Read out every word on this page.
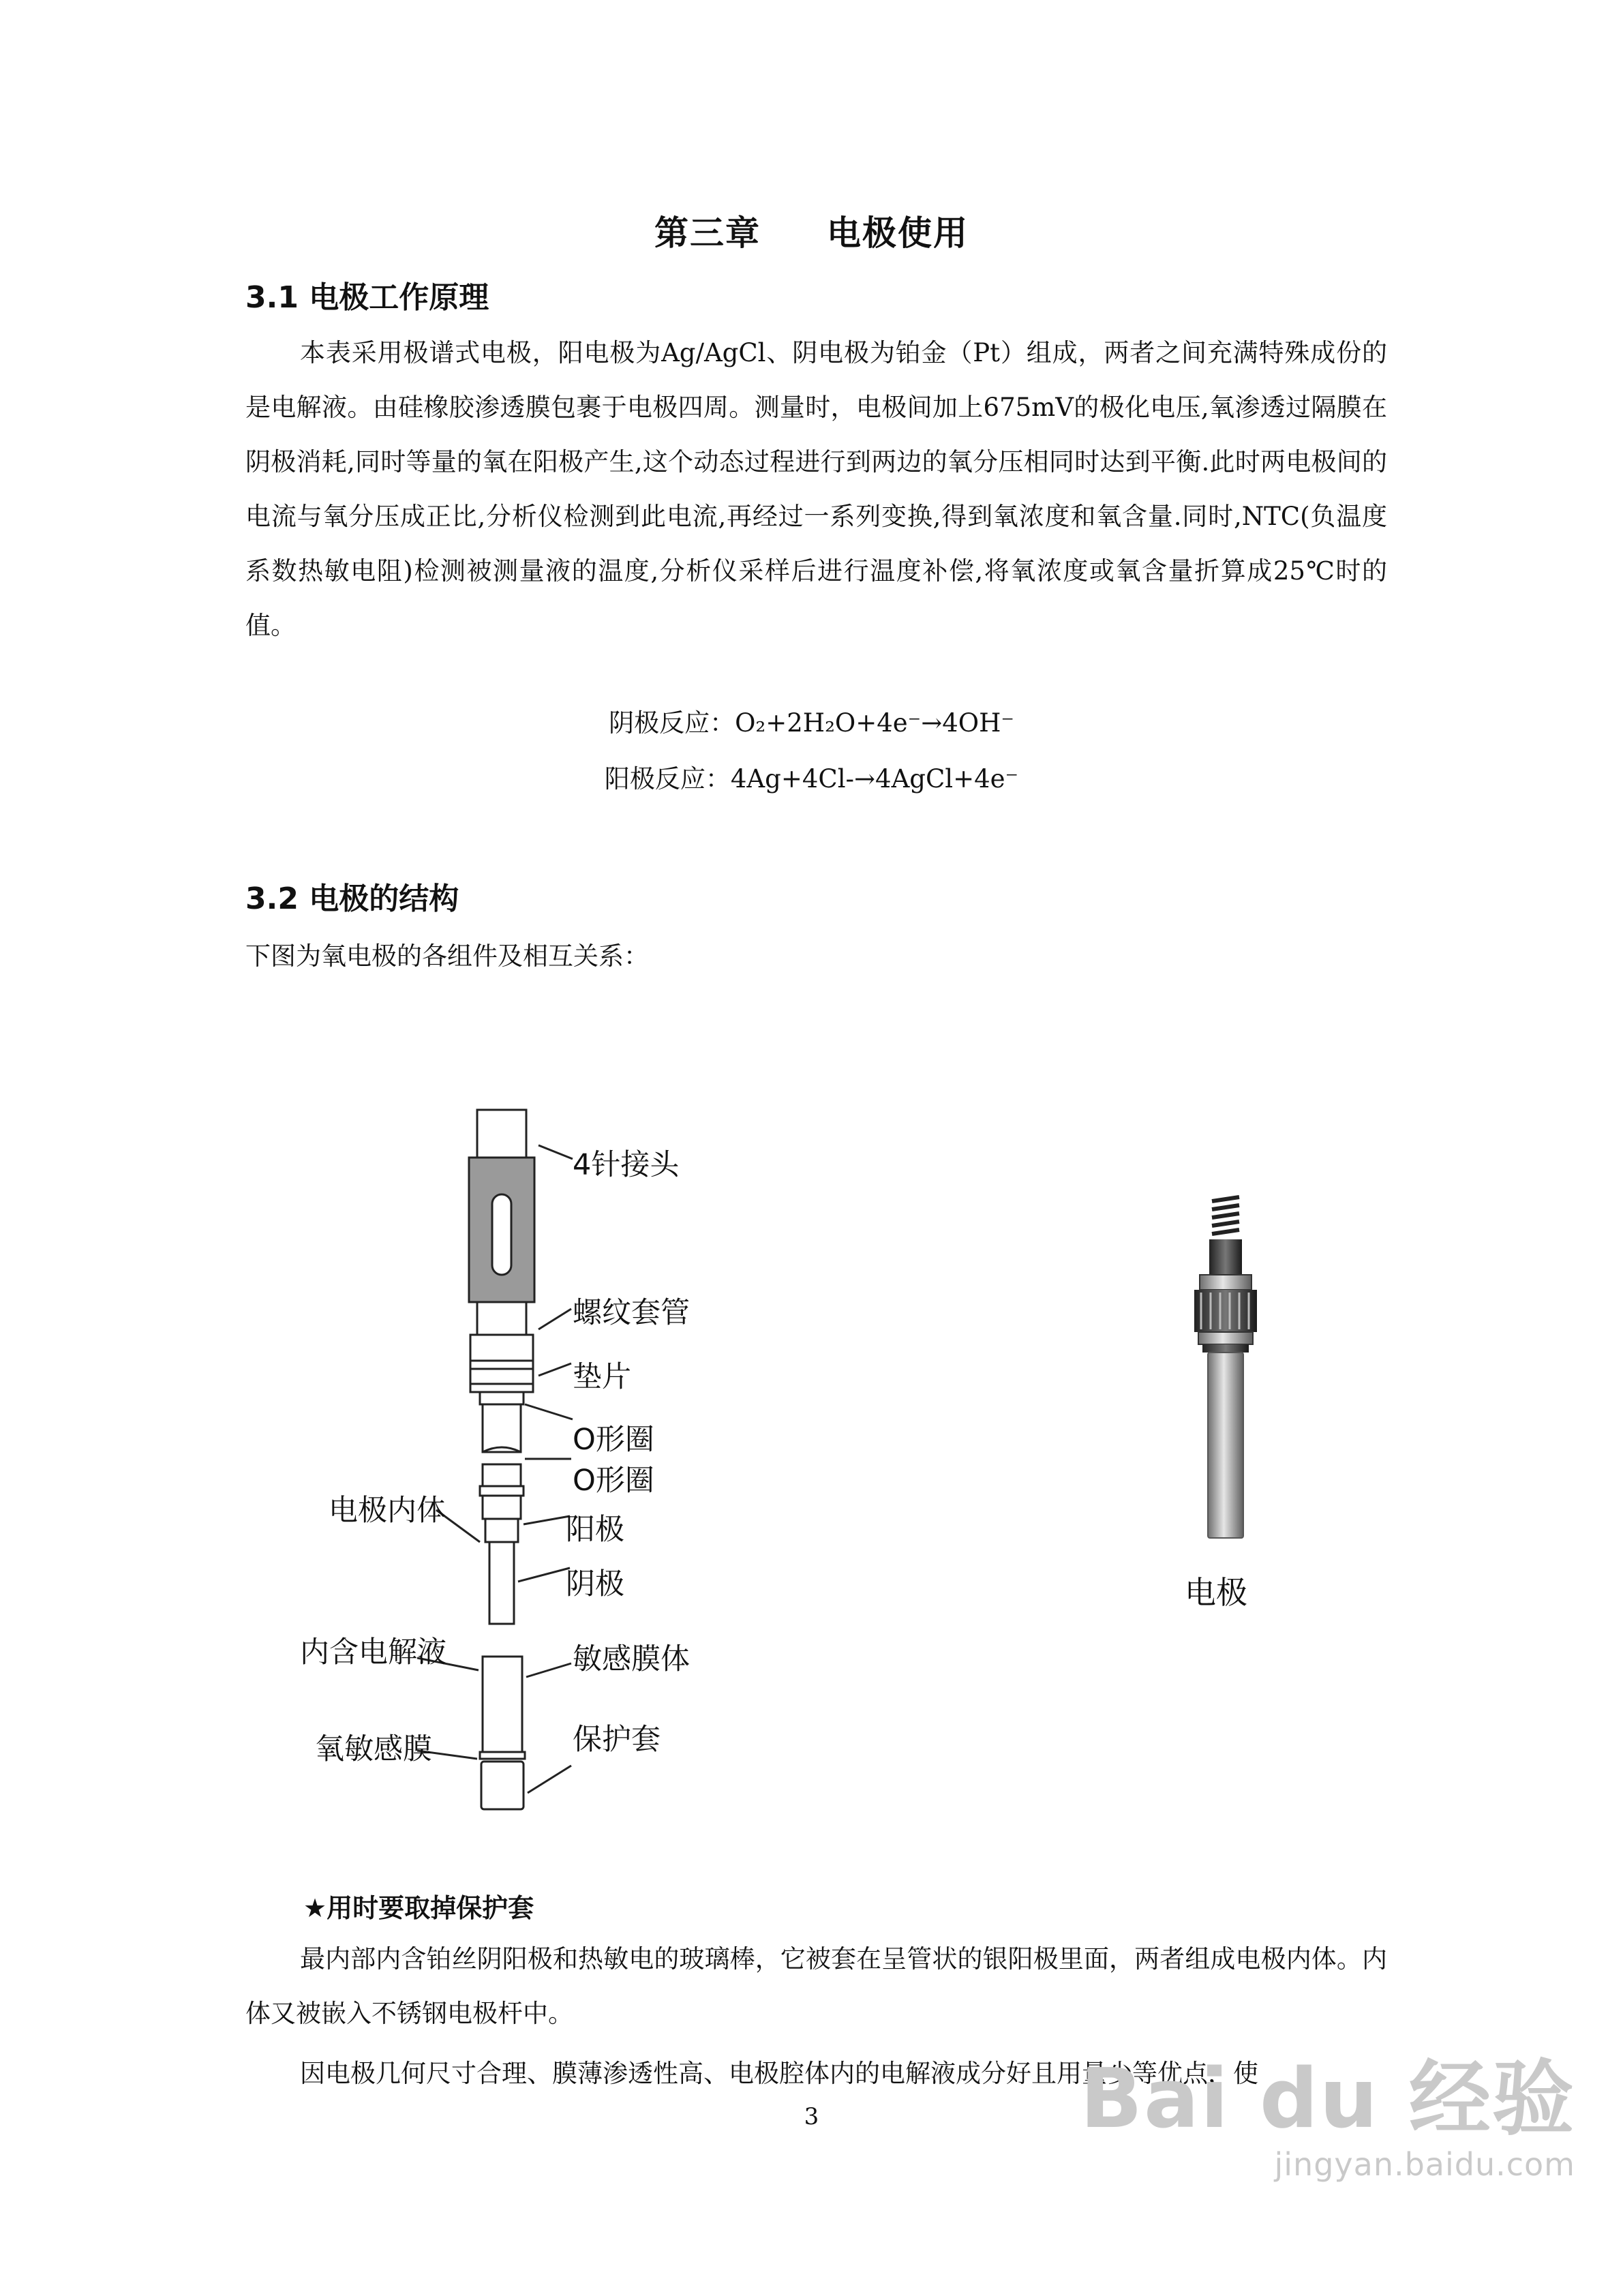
第三章     电极使用
3.1 电极工作原理
本表采用极谱式电极，阳电极为Ag/AgCl、阴电极为铂金（Pt）组成，两者之间充满特殊成份的是电解液。由硅橡胶渗透膜包裹于电极四周。测量时，电极间加上675mV的极化电压,氧渗透过隔膜在阴极消耗,同时等量的氧在阳极产生,这个动态过程进行到两边的氧分压相同时达到平衡.此时两电极间的电流与氧分压成正比,分析仪检测到此电流,再经过一系列变换,得到氧浓度和氧含量.同时,NTC(负温度系数热敏电阻)检测被测量液的温度,分析仪采样后进行温度补偿,将氧浓度或氧含量折算成25℃时的值。
阴极反应：O₂+2H₂O+4e⁻→4OH⁻
阳极反应：4Ag+4Cl-→4AgCl+4e⁻
3.2 电极的结构
下图为氧电极的各组件及相互关系：
4针接头
螺纹套管
垫片
O形圈
O形圈
阳极
阴极
敏感膜体
保护套
电极内体
内含电解液
氧敏感膜
电极
★用时要取掉保护套
最内部内含铂丝阴阳极和热敏电的玻璃棒，它被套在呈管状的银阳极里面，两者组成电极内体。内体又被嵌入不锈钢电极杆中。
因电极几何尺寸合理、膜薄渗透性高、电极腔体内的电解液成分好且用量少等优点，使
3	Bai du 经验
jingyan.baidu.com
